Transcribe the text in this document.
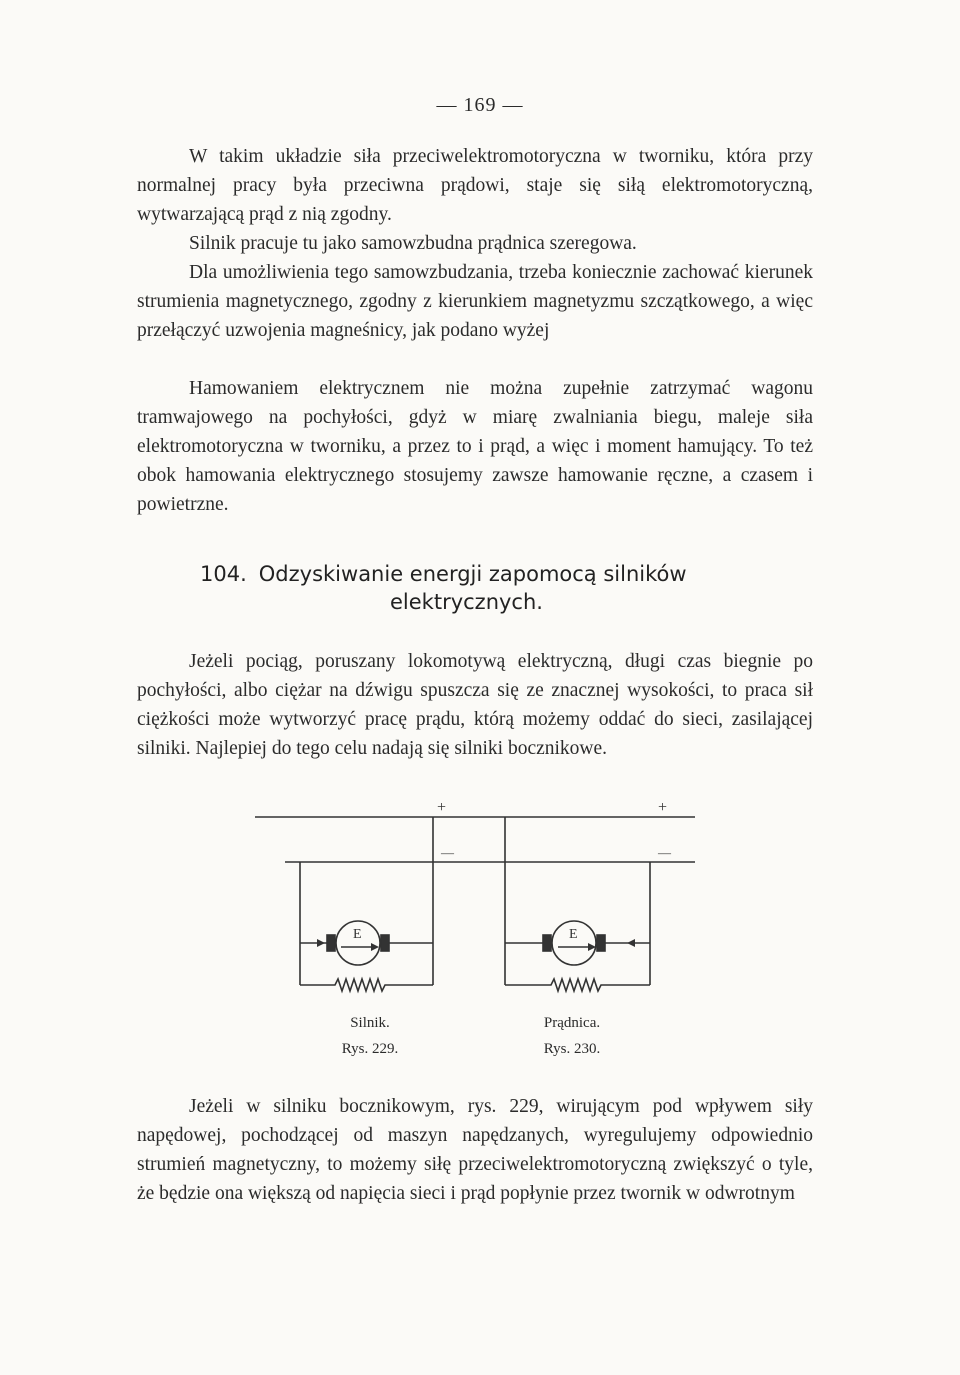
— 169 —

W takim układzie siła przeciwelektromotoryczna w tworniku, która przy normalnej pracy była przeciwna prądowi, staje się siłą elektromotoryczną, wytwarzającą prąd z nią zgodny.

Silnik pracuje tu jako samowzbudna prądnica szeregowa.

Dla umożliwienia tego samowzbudzania, trzeba koniecznie zachować kierunek strumienia magnetycznego, zgodny z kierunkiem magnetyzmu szczątkowego, a więc przełączyć uzwojenia magneśnicy, jak podano wyżej

Hamowaniem elektrycznem nie można zupełnie zatrzymać wagonu tramwajowego na pochyłości, gdyż w miarę zwalniania biegu, maleje siła elektromotoryczna w tworniku, a przez to i prąd, a więc i moment hamujący. To też obok hamowania elektrycznego stosujemy zawsze hamowanie ręczne, a czasem i powietrzne.

104. Odzyskiwanie energji zapomocą silników
elektrycznych.

Jeżeli pociąg, poruszany lokomotywą elektryczną, długi czas biegnie po pochyłości, albo ciężar na dźwigu spuszcza się ze znacznej wysokości, to praca sił ciężkości może wytworzyć pracę prądu, którą możemy oddać do sieci, zasilającej silniki. Najlepiej do tego celu nadają się silniki bocznikowe.

+	+
—	—
E	E
Silnik.
Rys. 229.
Prądnica.
Rys. 230.

Jeżeli w silniku bocznikowym, rys. 229, wirującym pod wpływem siły napędowej, pochodzącej od maszyn napędzanych, wyregulujemy odpowiednio strumień magnetyczny, to możemy siłę przeciwelektromotoryczną zwiększyć o tyle, że będzie ona większą od napięcia sieci i prąd popłynie przez twornik w odwrotnym
